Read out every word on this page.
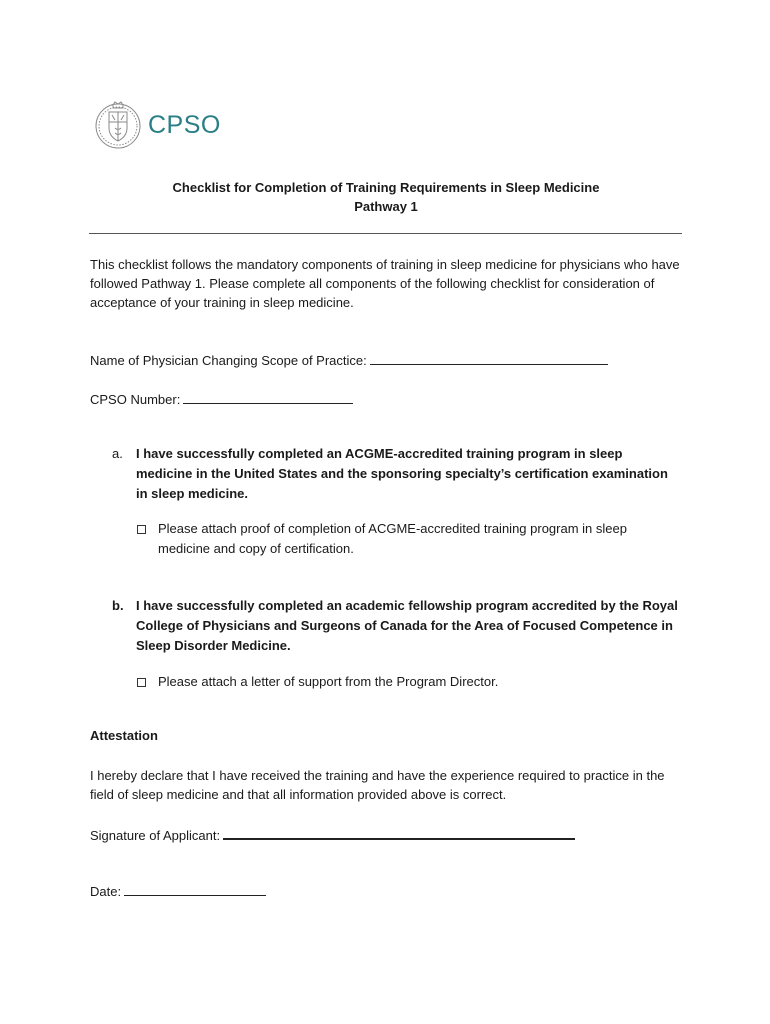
CPSO
Checklist for Completion of Training Requirements in Sleep Medicine
Pathway 1
This checklist follows the mandatory components of training in sleep medicine for physicians who have followed Pathway 1. Please complete all components of the following checklist for consideration of acceptance of your training in sleep medicine.
Name of Physician Changing Scope of Practice:
CPSO Number:
a.	I have successfully completed an ACGME-accredited training program in sleep medicine in the United States and the sponsoring specialty’s certification examination in sleep medicine.
Please attach proof of completion of ACGME-accredited training program in sleep medicine and copy of certification.
b. I have successfully completed an academic fellowship program accredited by the Royal College of Physicians and Surgeons of Canada for the Area of Focused Competence in Sleep Disorder Medicine.
Please attach a letter of support from the Program Director.
Attestation
I hereby declare that I have received the training and have the experience required to practice in the field of sleep medicine and that all information provided above is correct.
Signature of Applicant:
Date:
